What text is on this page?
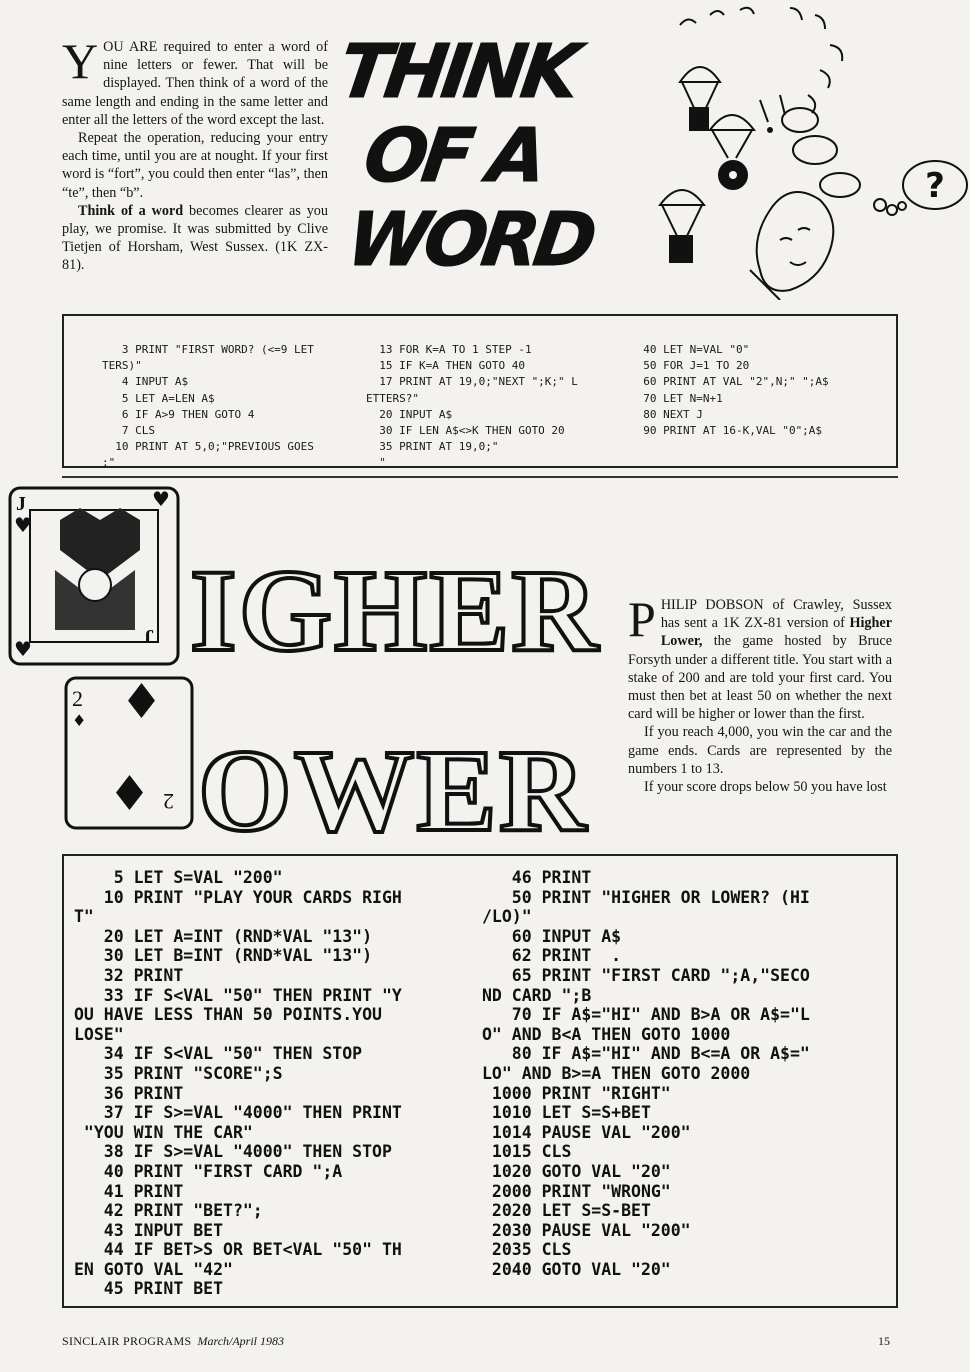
YOU ARE required to enter a word of nine letters or fewer. That will be displayed. Then think of a word of the same length and ending in the same letter and enter all the letters of the word except the last.

Repeat the operation, reducing your entry each time, until you are at nought. If your first word is “fort”, you could then enter “las”, then “te”, then “b”.

Think of a word becomes clearer as you play, we promise. It was submitted by Clive Tietjen of Horsham, West Sussex. (1K ZX-81).

THINK
OF A
WORD
?
3 PRINT "FIRST WORD? (<=9 LET
TERS)"
4 INPUT A$
5 LET A=LEN A$
6 IF A>9 THEN GOTO 4
7 CLS
10 PRINT AT 5,0;"PREVIOUS GOES
;"
13 FOR K=A TO 1 STEP -1
15 IF K=A THEN GOTO 40
17 PRINT AT 19,0;"NEXT ";K;" L
ETTERS?"
20 INPUT A$
30 IF LEN A$<>K THEN GOTO 20
35 PRINT AT 19,0;"
"
40 LET N=VAL "0"
50 FOR J=1 TO 20
60 PRINT AT VAL "2",N;" ";A$
70 LET N=N+1
80 NEXT J
90 PRINT AT 16-K,VAL "0";A$
J
♥
♥
♥
J IGHER
2
♦ ♦
♦ 2 OWER

PHILIP DOBSON of Crawley, Sussex has sent a 1K ZX-81 version of Higher Lower, the game hosted by Bruce Forsyth under a different title. You start with a stake of 200 and are told your first card. You must then bet at least 50 on whether the next card will be higher or lower than the first.

If you reach 4,000, you win the car and the game ends. Cards are represented by the numbers 1 to 13.

If your score drops below 50 you have lost

5 LET S=VAL "200"
10 PRINT "PLAY YOUR CARDS RIGH
T"
20 LET A=INT (RND*VAL "13")
30 LET B=INT (RND*VAL "13")
32 PRINT
33 IF S<VAL "50" THEN PRINT "Y
OU HAVE LESS THAN 50 POINTS.YOU
LOSE"
34 IF S<VAL "50" THEN STOP
35 PRINT "SCORE";S
36 PRINT
37 IF S>=VAL "4000" THEN PRINT
"YOU WIN THE CAR"
38 IF S>=VAL "4000" THEN STOP
40 PRINT "FIRST CARD ";A
41 PRINT
42 PRINT "BET?";
43 INPUT BET
44 IF BET>S OR BET<VAL "50" TH
EN GOTO VAL "42"
45 PRINT BET
46 PRINT
50 PRINT "HIGHER OR LOWER? (HI
/LO)"
60 INPUT A$
62 PRINT  .
65 PRINT "FIRST CARD ";A,"SECO
ND CARD ";B
70 IF A$="HI" AND B>A OR A$="L
O" AND B<A THEN GOTO 1000
80 IF A$="HI" AND B<=A OR A$="
LO" AND B>=A THEN GOTO 2000
1000 PRINT "RIGHT"
1010 LET S=S+BET
1014 PAUSE VAL "200"
1015 CLS
1020 GOTO VAL "20"
2000 PRINT "WRONG"
2020 LET S=S-BET
2030 PAUSE VAL "200"
2035 CLS
2040 GOTO VAL "20"
SINCLAIR PROGRAMS March/April 1983	15
